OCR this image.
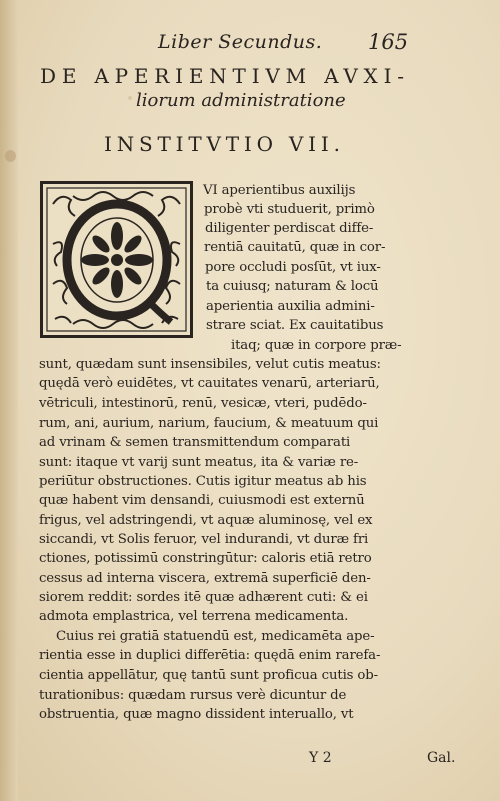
Liber Secundus. 165
DE APERIENTIVM AVXI-
liorum administratione
INSTITVTIO VII.
VI aperientibus auxilijs
probè vti studuerit, primò
diligenter perdiscat diffe-
rentiā cauitatū, quæ in cor-
pore occludi posſūt, vt iux-
ta cuiusq; naturam & locū
aperientia auxilia admini-
strare sciat. Ex cauitatibus
itaq; quæ in corpore præ-
sunt, quædam sunt insensibiles, velut cutis meatus:
quędā verò euidētes, vt cauitates venarū, arteriarū,
vētriculi, intestinorū, renū, vesicæ, vteri, pudēdo-
rum, ani, aurium, narium, faucium, & meatuum qui
ad vrinam & semen transmittendum comparati
sunt: itaque vt varij sunt meatus, ita & variæ re-
periūtur obstructiones. Cutis igitur meatus ab his
quæ habent vim densandi, cuiusmodi est externū
frigus, vel adstringendi, vt aquæ aluminosę, vel ex
siccandi, vt Solis feruor, vel indurandi, vt duræ fri
ctiones, potissimū constringūtur: caloris etiā retro
cessus ad interna viscera, extremā superficiē den-
siorem reddit: sordes itē quæ adhærent cuti: & ei
admota emplastrica, vel terrena medicamenta.
Cuius rei gratiā statuendū est, medicamēta ape-
rientia esse in duplici differētia: quędā enim rarefa-
cientia appellātur, quę tantū sunt proficua cutis ob-
turationibus: quædam rursus verè dicuntur de
obstruentia, quæ magno dissident interuallo, vt
Y 2	Gal.
